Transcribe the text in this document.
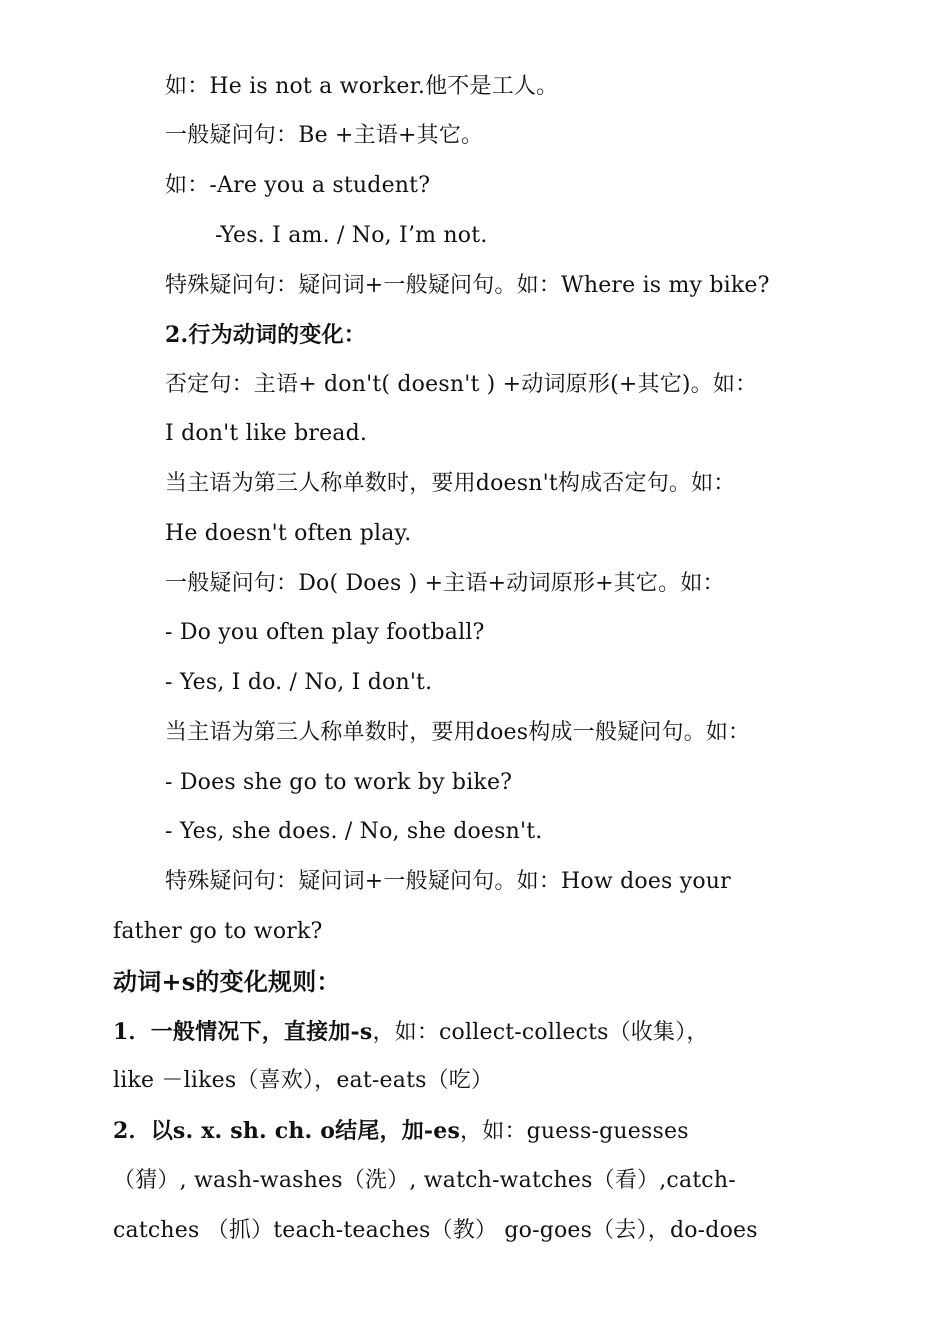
如：He is not a worker.他不是工人。
一般疑问句：Be +主语+其它。
如：-Are you a student?
-Yes. I am. / No, I’m not.
特殊疑问句：疑问词+一般疑问句。如：Where is my bike?
2.行为动词的变化：
否定句：主语+ don't( doesn't ) +动词原形(+其它)。如：
I don't like bread.
当主语为第三人称单数时，要用doesn't构成否定句。如：
He doesn't often play.
一般疑问句：Do( Does ) +主语+动词原形+其它。如：
- Do you often play football?
- Yes, I do. / No, I don't.
当主语为第三人称单数时，要用does构成一般疑问句。如：
- Does she go to work by bike?
- Yes, she does. / No, she doesn't.
特殊疑问句：疑问词+一般疑问句。如：How does your
father go to work?
动词+s的变化规则：
1．一般情况下，直接加-s，如：collect-collects（收集），
like －likes（喜欢），eat-eats（吃）
2．以s. x. sh. ch. o结尾，加-es，如：guess-guesses
（猜）, wash-washes（洗）, watch-watches（看）,catch-
catches （抓）teach-teaches（教） go-goes（去），do-does
